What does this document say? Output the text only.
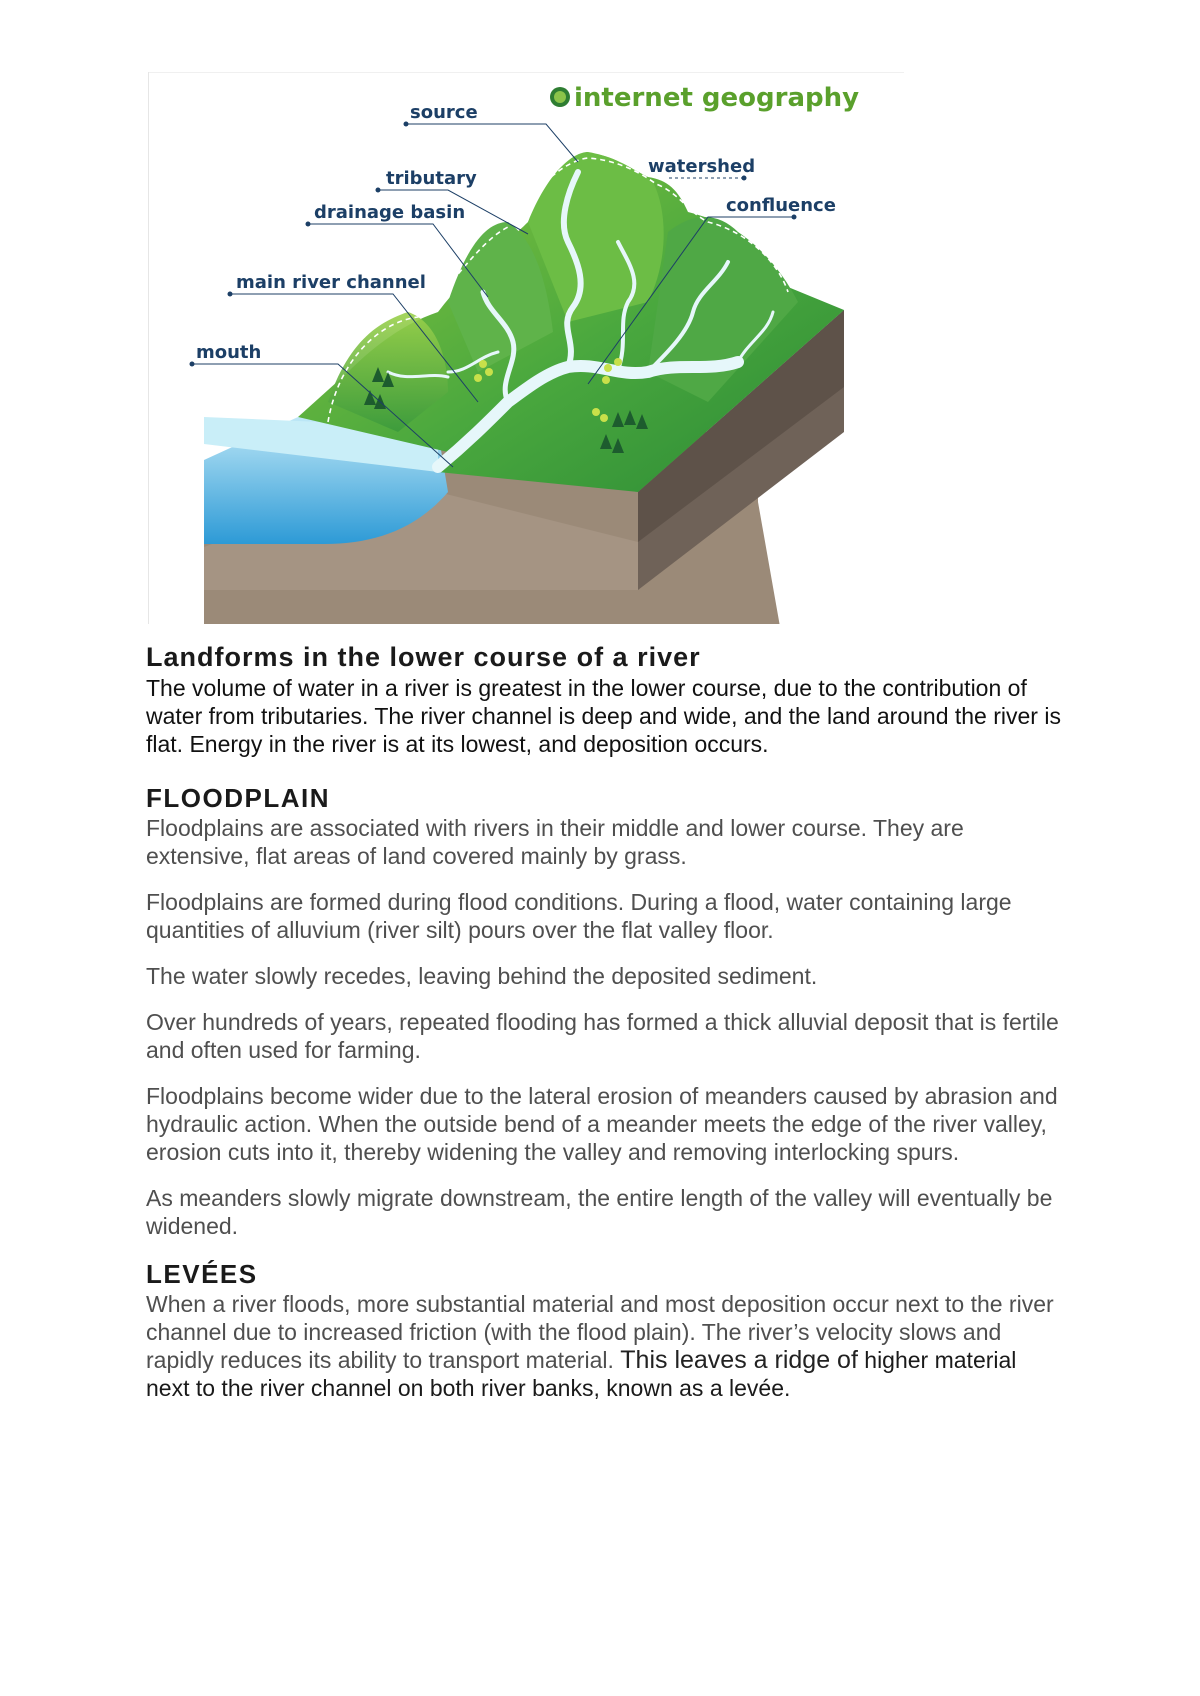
internet geography
source
tributary
drainage basin
main river channel
mouth
watershed
confluence
Landforms in the lower course of a river

The volume of water in a river is greatest in the lower course, due to the contribution of water from tributaries. The river channel is deep and wide, and the land around the river is flat. Energy in the river is at its lowest, and deposition occurs.

FLOODPLAIN

Floodplains are associated with rivers in their middle and lower course. They are extensive, flat areas of land covered mainly by grass.

Floodplains are formed during flood conditions. During a flood, water containing large quantities of alluvium (river silt) pours over the flat valley floor.

The water slowly recedes, leaving behind the deposited sediment.

Over hundreds of years, repeated flooding has formed a thick alluvial deposit that is fertile and often used for farming.

Floodplains become wider due to the lateral erosion of meanders caused by abrasion and hydraulic action. When the outside bend of a meander meets the edge of the river valley, erosion cuts into it, thereby widening the valley and removing interlocking spurs.

As meanders slowly migrate downstream, the entire length of the valley will eventually be widened.

LEVÉES

When a river floods, more substantial material and most deposition occur next to the river channel due to increased friction (with the flood plain). The river’s velocity slows and rapidly reduces its ability to transport material. This leaves a ridge of higher material next to the river channel on both river banks, known as a levée.
